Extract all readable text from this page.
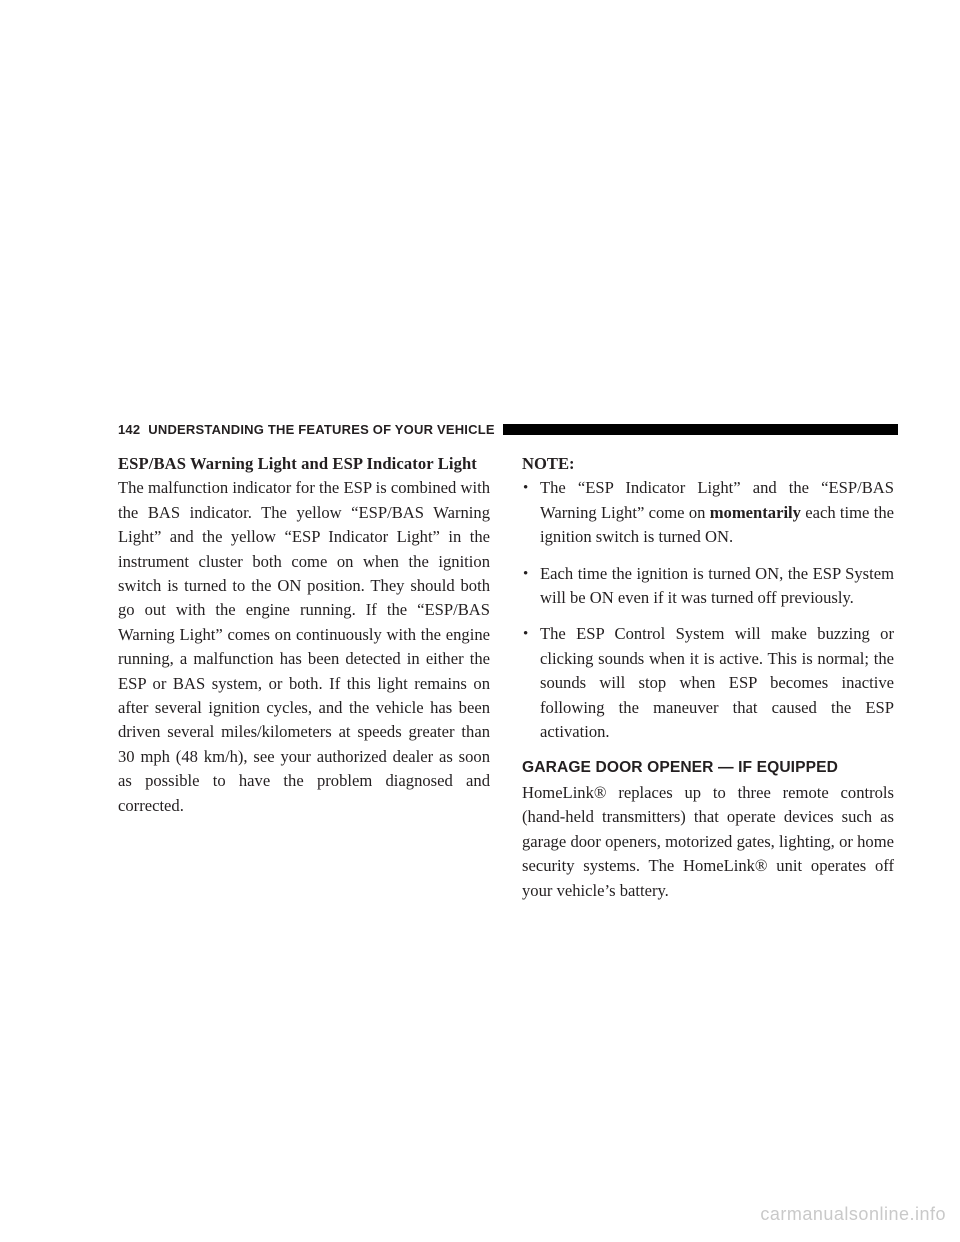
142 UNDERSTANDING THE FEATURES OF YOUR VEHICLE
ESP/BAS Warning Light and ESP Indicator Light

The malfunction indicator for the ESP is combined with the BAS indicator. The yellow “ESP/BAS Warning Light” and the yellow “ESP Indicator Light” in the instrument cluster both come on when the ignition switch is turned to the ON position. They should both go out with the engine running. If the “ESP/BAS Warning Light” comes on continuously with the engine running, a malfunction has been detected in either the ESP or BAS system, or both. If this light remains on after several ignition cycles, and the vehicle has been driven several miles/kilometers at speeds greater than 30 mph (48 km/h), see your authorized dealer as soon as possible to have the problem diagnosed and corrected.

NOTE:
• The “ESP Indicator Light” and the “ESP/BAS Warning Light” come on momentarily each time the ignition switch is turned ON.
• Each time the ignition is turned ON, the ESP System will be ON even if it was turned off previously.
• The ESP Control System will make buzzing or clicking sounds when it is active. This is normal; the sounds will stop when ESP becomes inactive following the maneuver that caused the ESP activation.
GARAGE DOOR OPENER — IF EQUIPPED

HomeLink® replaces up to three remote controls (hand-held transmitters) that operate devices such as garage door openers, motorized gates, lighting, or home security systems. The HomeLink® unit operates off your vehicle’s battery.

carmanualsonline.info
